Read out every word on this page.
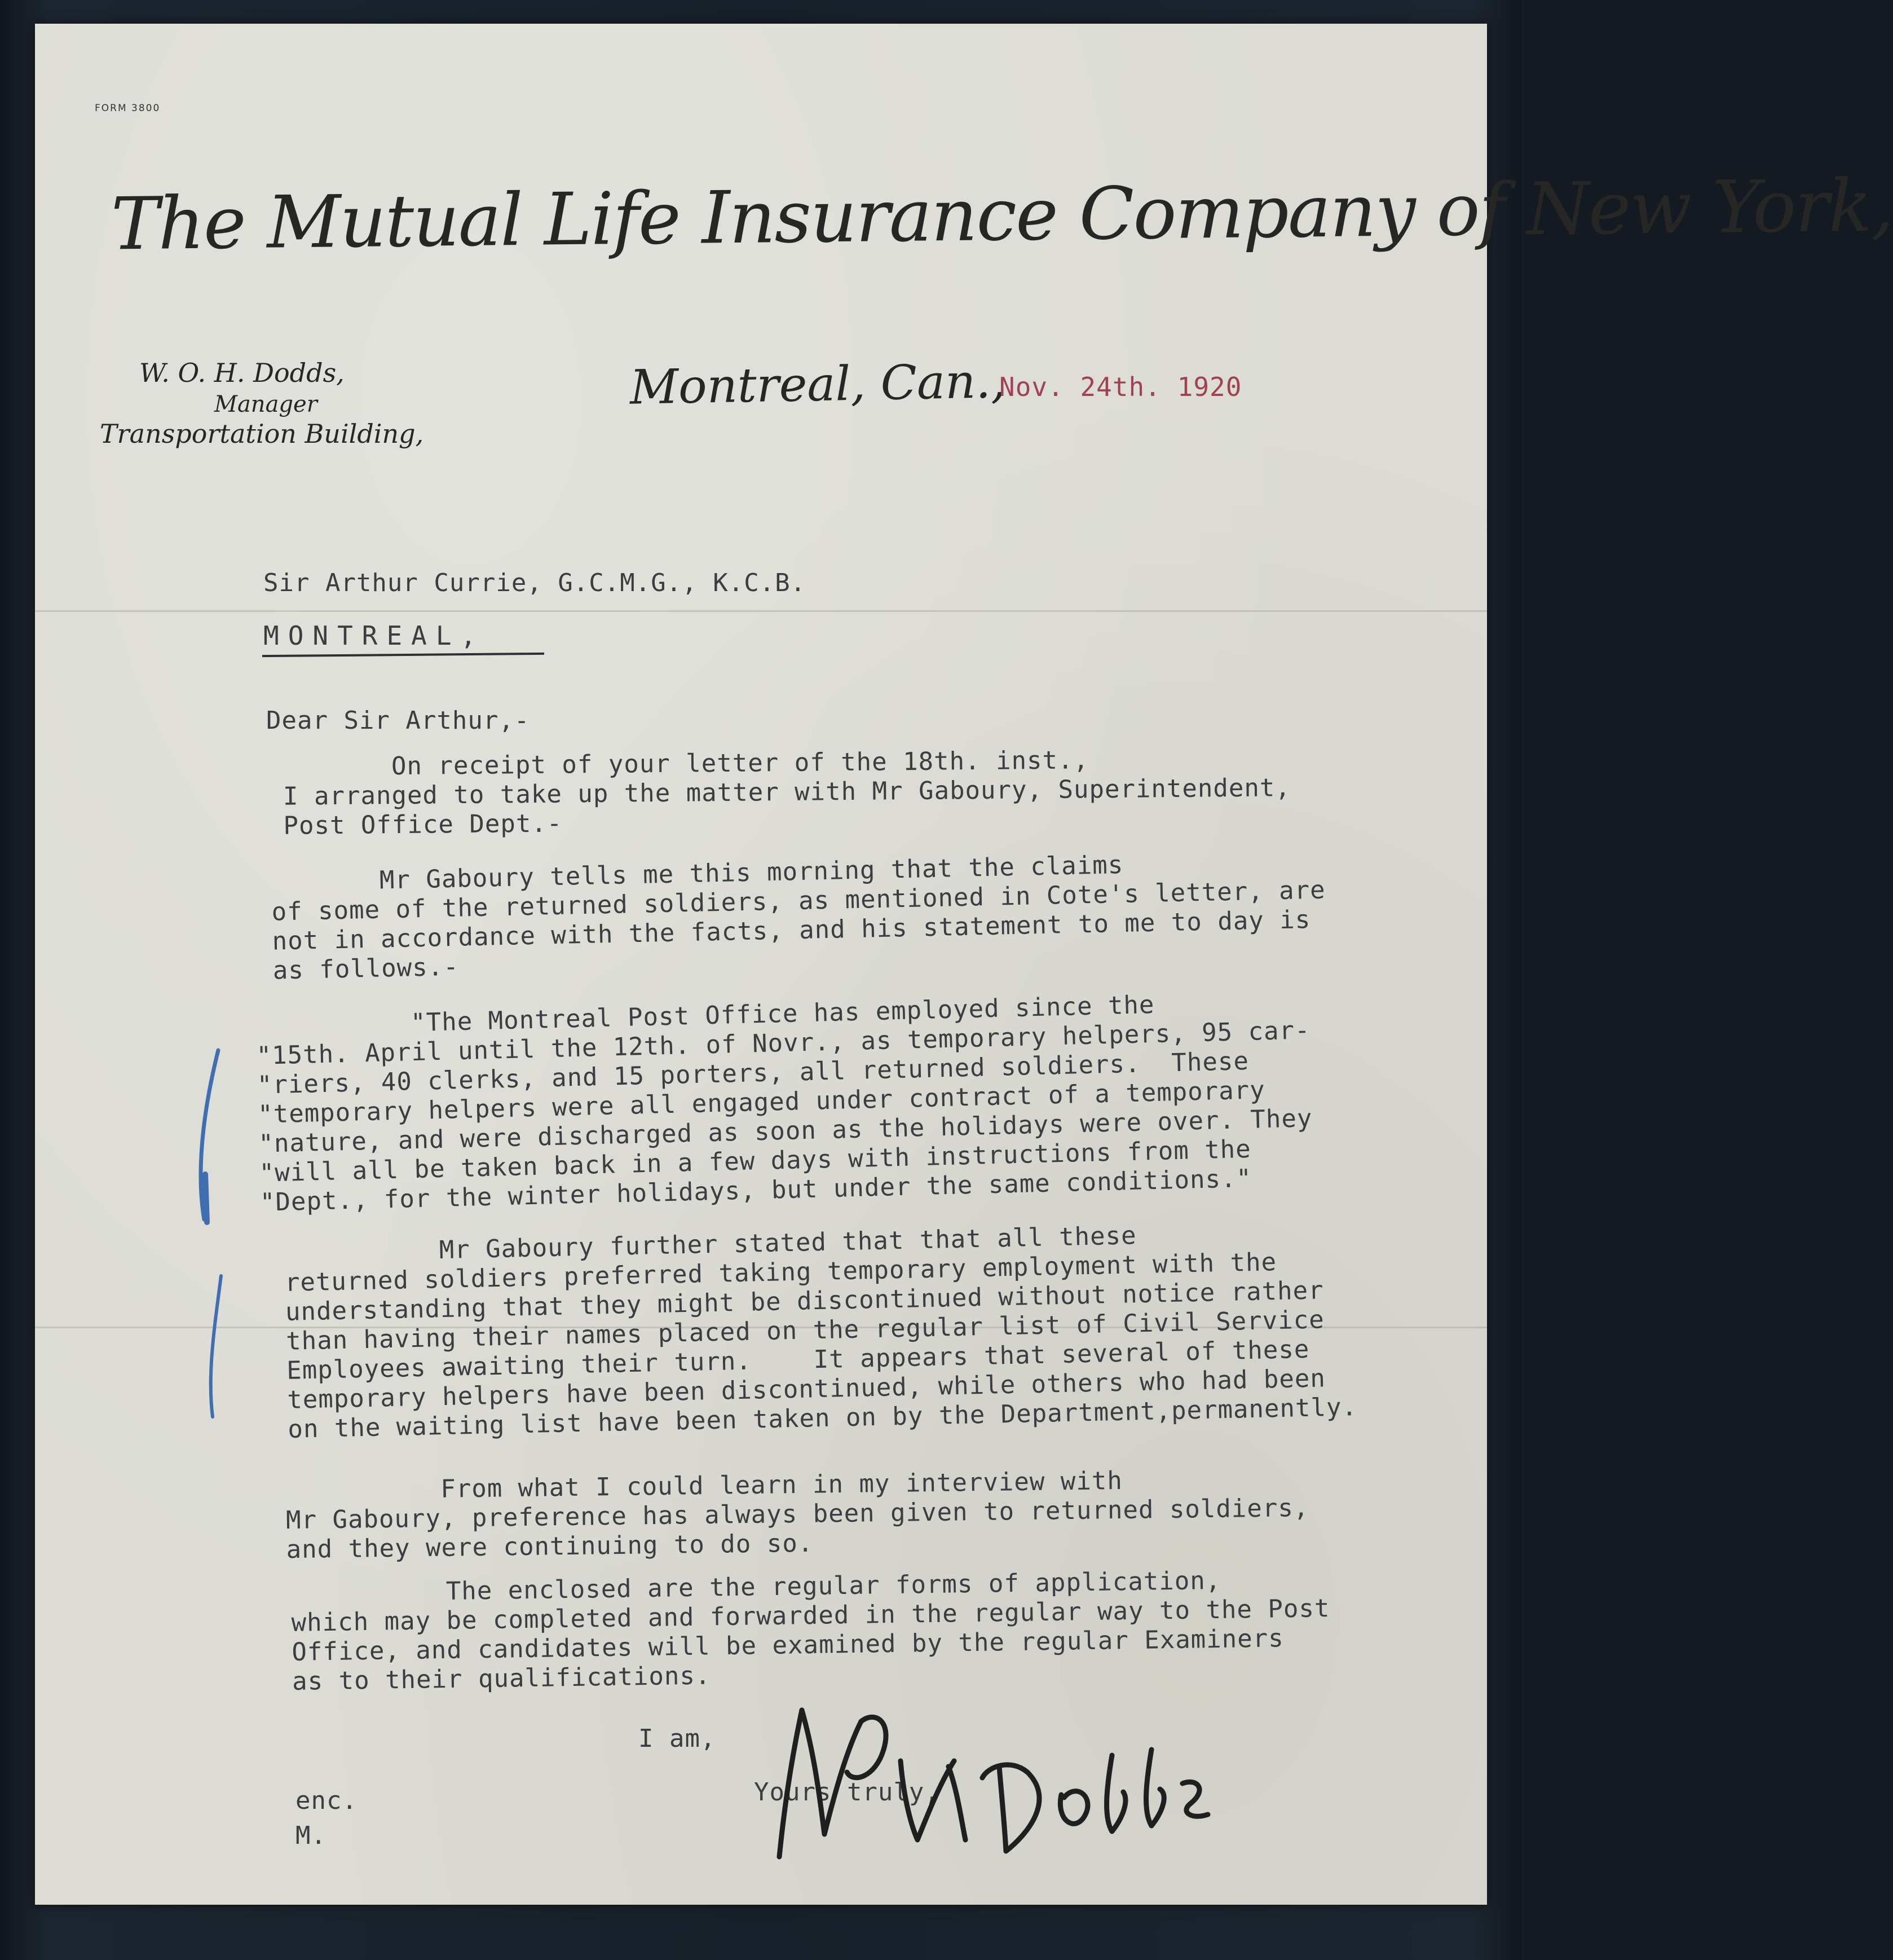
FORM 3800
The Mutual Life Insurance Company of New York,
W. O. H. Dodds,
Manager
Transportation Building,
Montreal, Can.,
Nov. 24th. 1920
Sir Arthur Currie, G.C.M.G., K.C.B.
MONTREAL,
Dear Sir Arthur,-
On receipt of your letter of the 18th. inst.,
I arranged to take up the matter with Mr Gaboury, Superintendent,
Post Office Dept.-
Mr Gaboury tells me this morning that the claims
of some of the returned soldiers, as mentioned in Cote's letter, are
not in accordance with the facts, and his statement to me to day is
as follows.-
"The Montreal Post Office has employed since the
"15th. April until the 12th. of Novr., as temporary helpers, 95 car-
"riers, 40 clerks, and 15 porters, all returned soldiers.  These
"temporary helpers were all engaged under contract of a temporary
"nature, and were discharged as soon as the holidays were over. They
"will all be taken back in a few days with instructions from the
"Dept., for the winter holidays, but under the same conditions."
Mr Gaboury further stated that that all these
returned soldiers preferred taking temporary employment with the
understanding that they might be discontinued without notice rather
than having their names placed on the regular list of Civil Service
Employees awaiting their turn.    It appears that several of these
temporary helpers have been discontinued, while others who had been
on the waiting list have been taken on by the Department,permanently.
From what I could learn in my interview with
Mr Gaboury, preference has always been given to returned soldiers,
and they were continuing to do so.
The enclosed are the regular forms of application,
which may be completed and forwarded in the regular way to the Post
Office, and candidates will be examined by the regular Examiners
as to their qualifications.
I am,
Yours truly,
enc.
M.
